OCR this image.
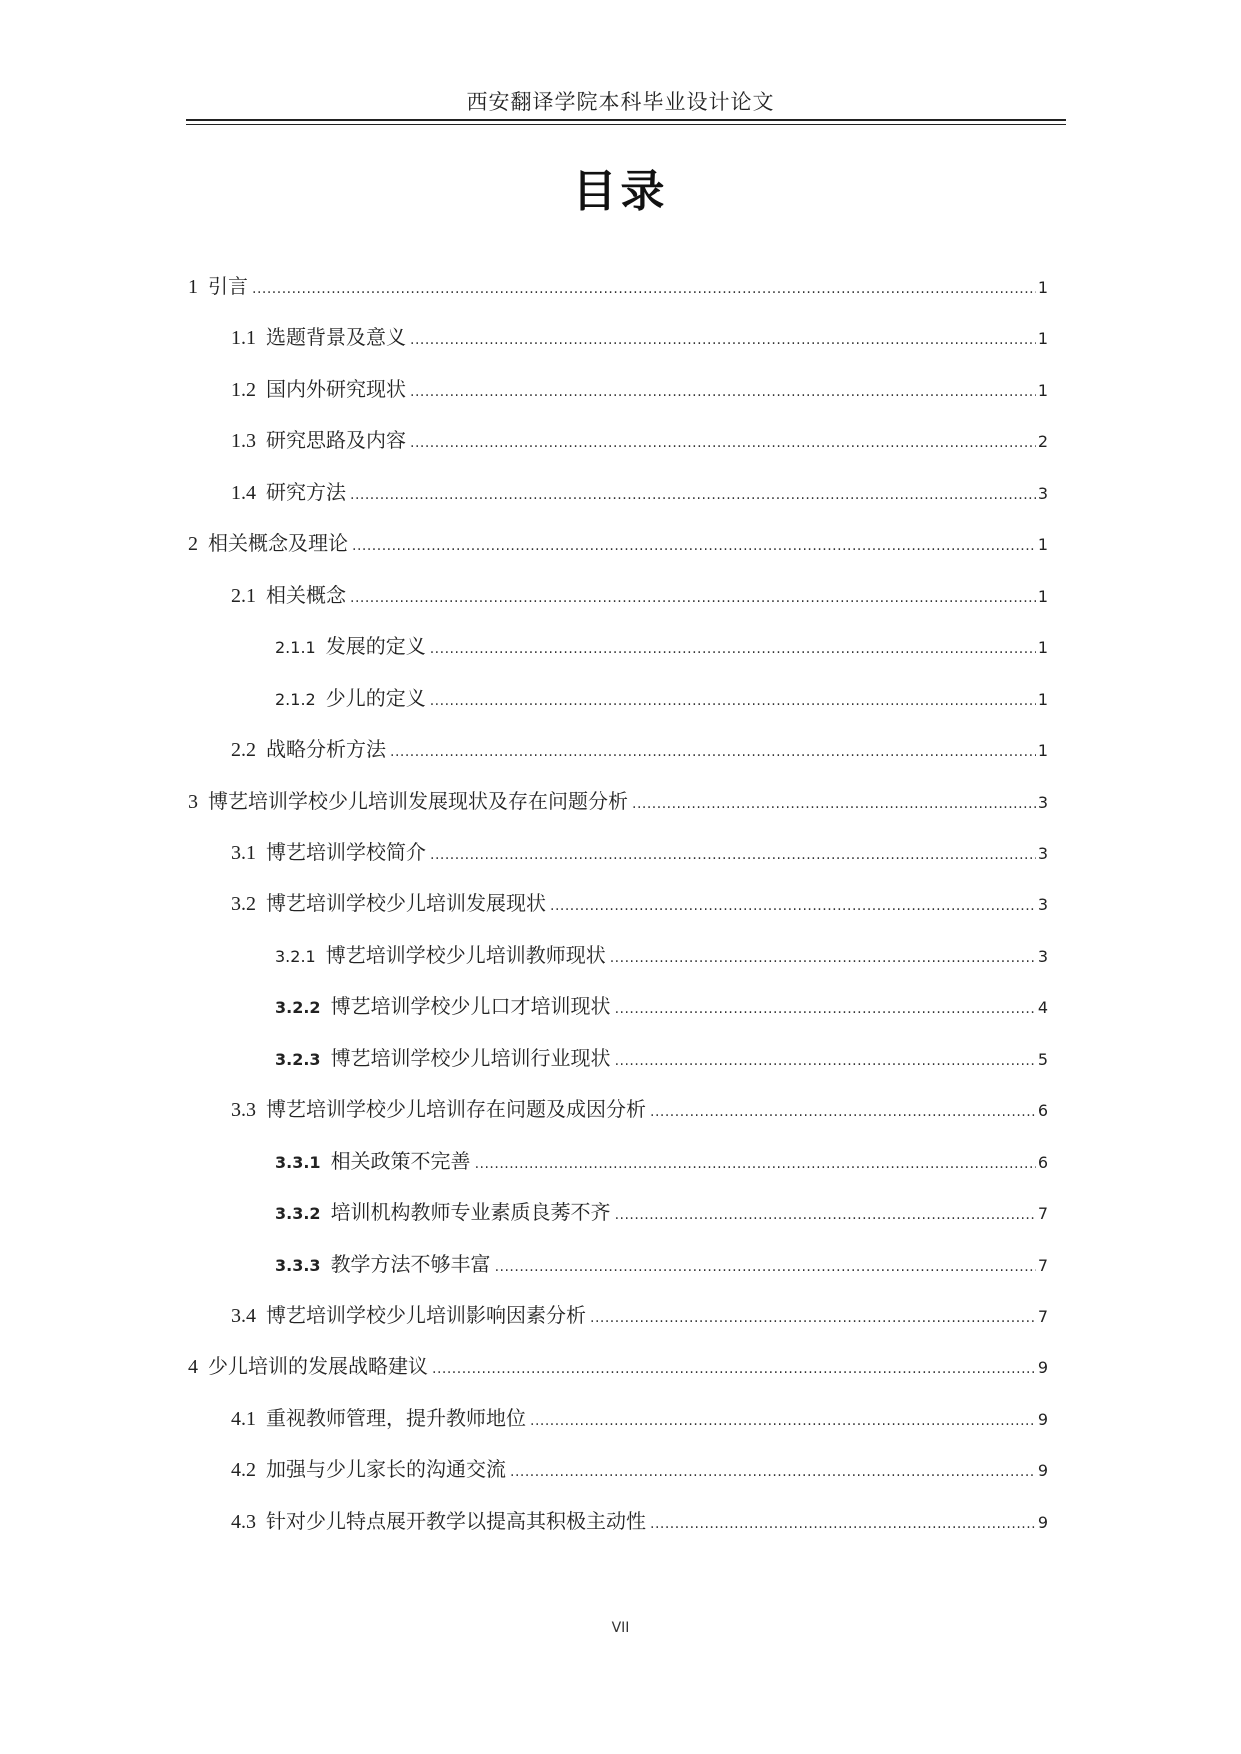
西安翻译学院本科毕业设计论文
目录
1 引言 .....	1
1.1 选题背景及意义 .....	1
1.2 国内外研究现状 .....	1
1.3 研究思路及内容 .....	2
1.4 研究方法 .....	3
2 相关概念及理论 .....	1
2.1 相关概念 .....	1
2.1.1 发展的定义 .....	1
2.1.2 少儿的定义 .....	1
2.2 战略分析方法 .....	1
3 博艺培训学校少儿培训发展现状及存在问题分析 .....	3
3.1 博艺培训学校简介 .....	3
3.2 博艺培训学校少儿培训发展现状 .....	3
3.2.1 博艺培训学校少儿培训教师现状 .....	3
3.2.2 博艺培训学校少儿口才培训现状 .....	4
3.2.3 博艺培训学校少儿培训行业现状 .....	5
3.3 博艺培训学校少儿培训存在问题及成因分析 .....	6
3.3.1 相关政策不完善 .....	6
3.3.2 培训机构教师专业素质良莠不齐 .....	7
3.3.3 教学方法不够丰富 .....	7
3.4 博艺培训学校少儿培训影响因素分析 .....	7
4 少儿培训的发展战略建议 .....	9
4.1 重视教师管理，提升教师地位 .....	9
4.2 加强与少儿家长的沟通交流 .....	9
4.3 针对少儿特点展开教学以提高其积极主动性 .....	9
VII
